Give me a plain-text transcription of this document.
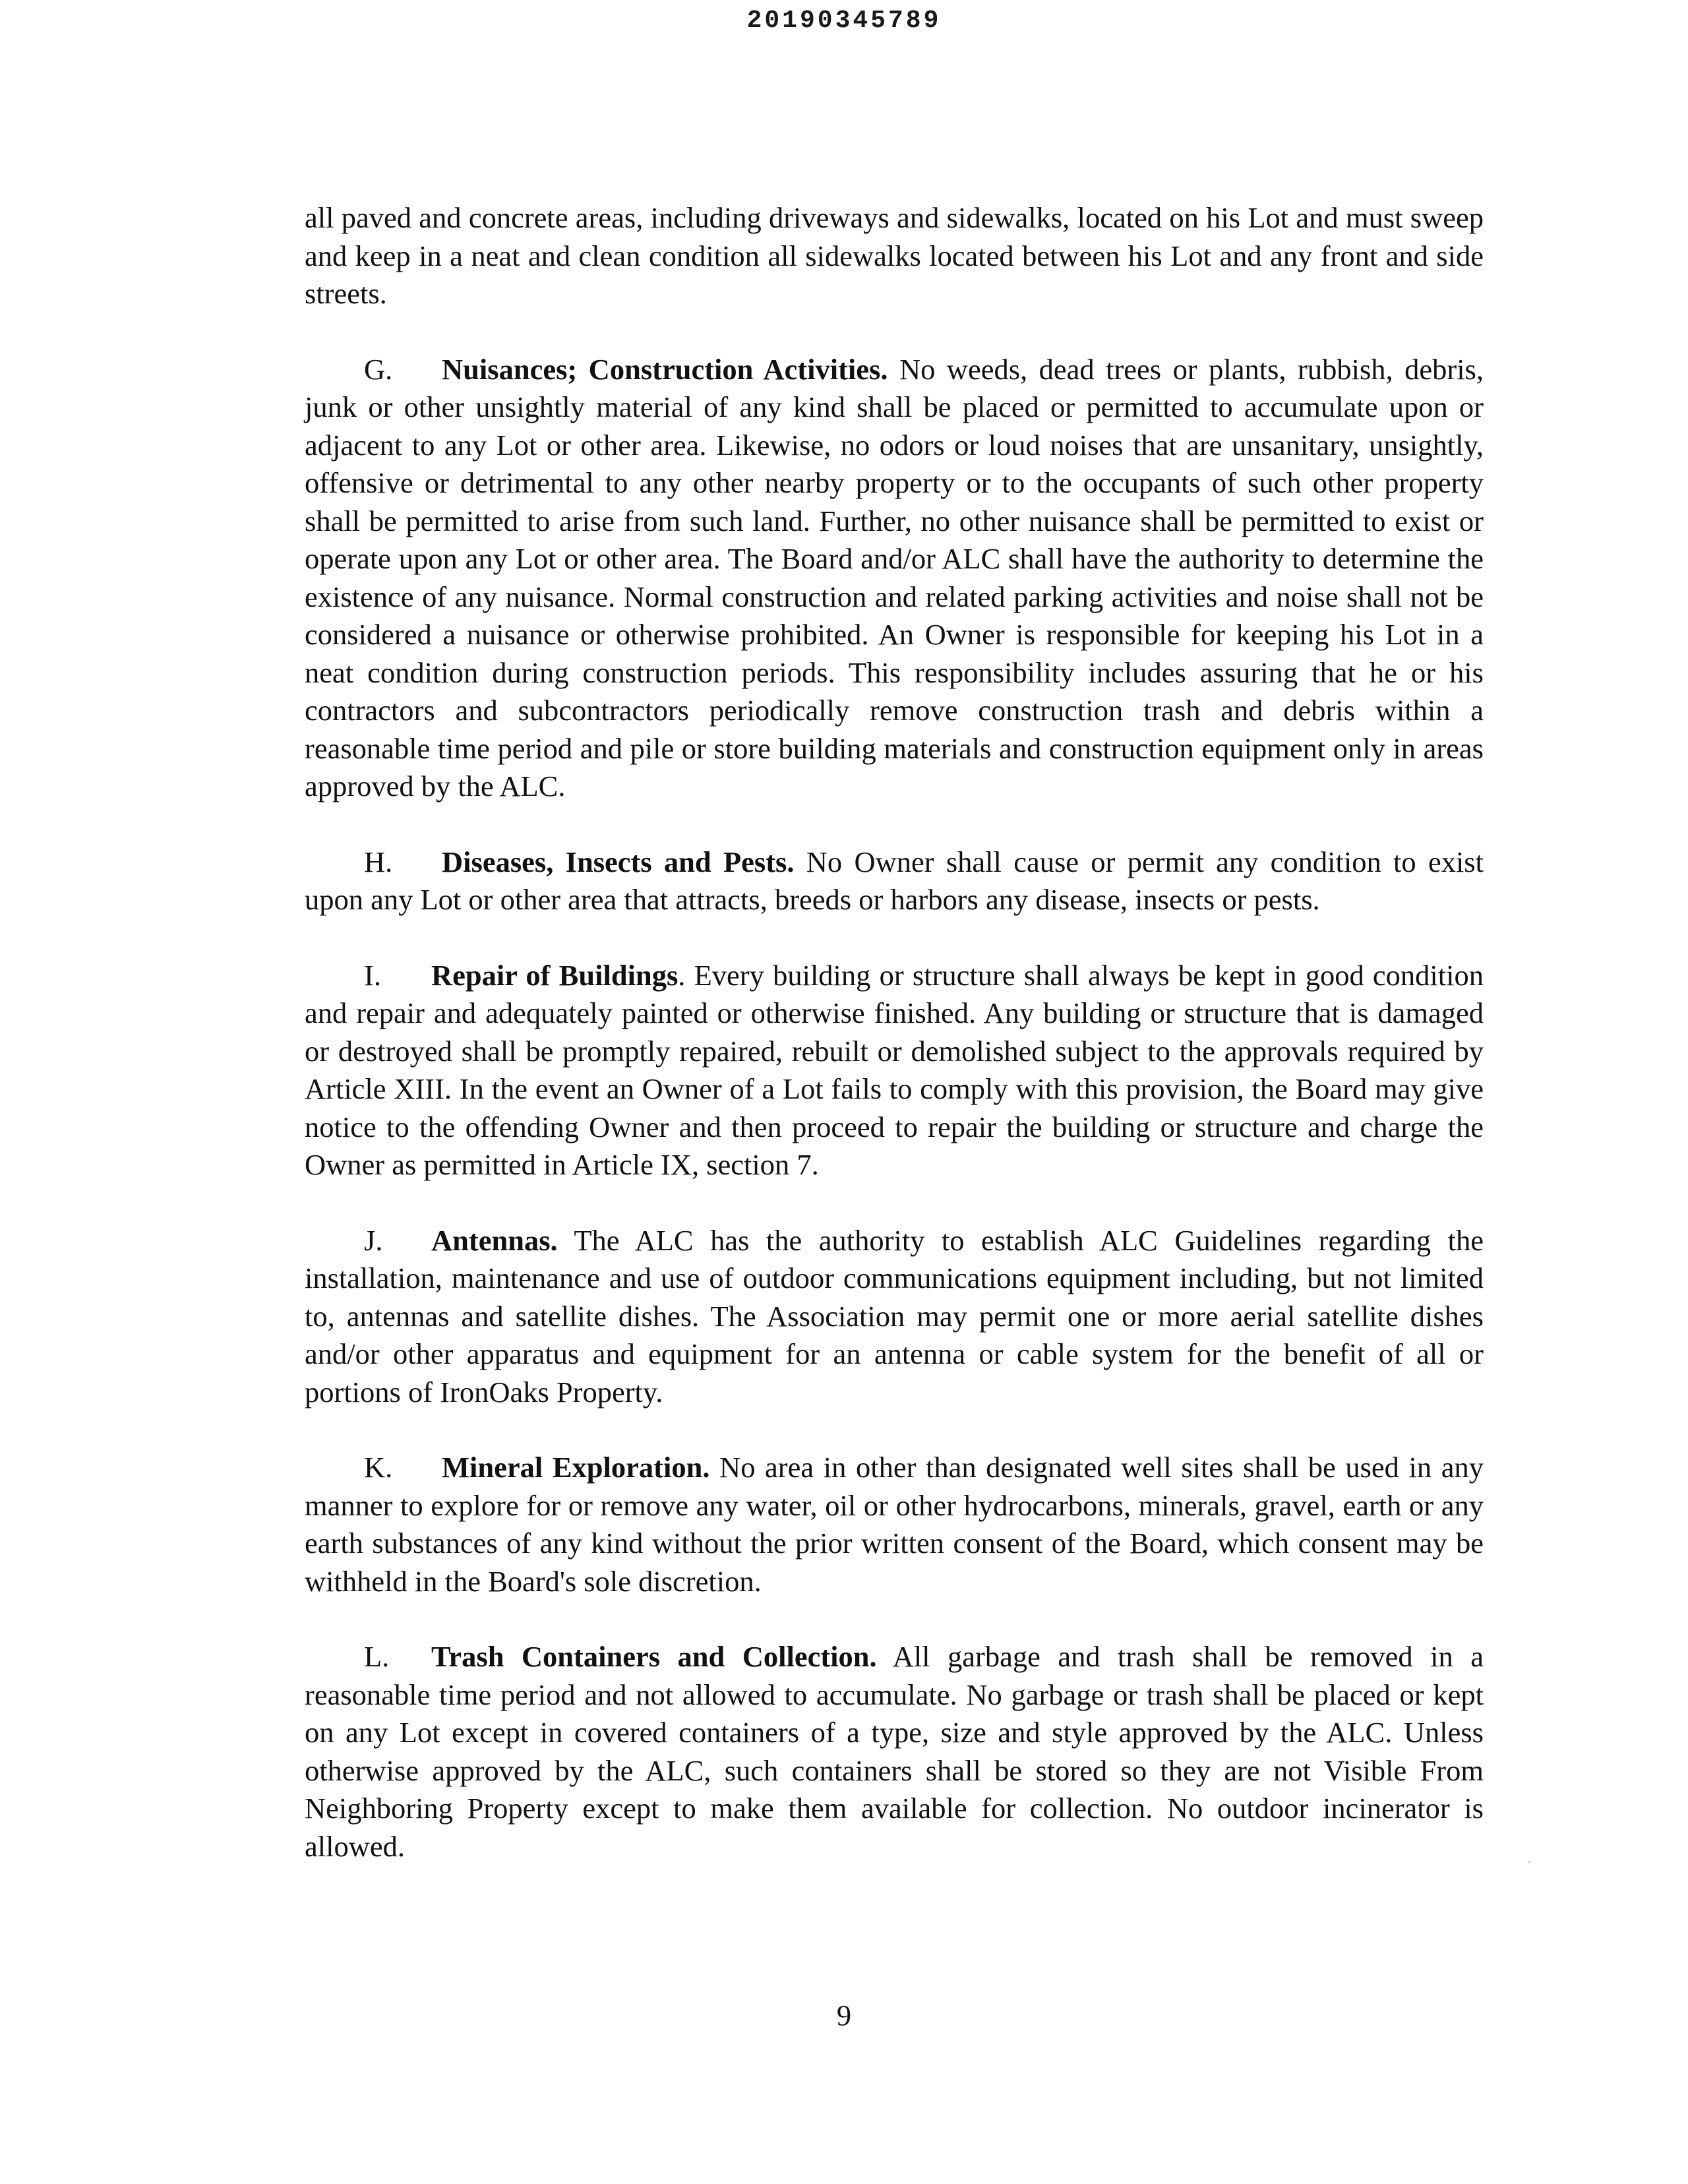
20190345789

all paved and concrete areas, including driveways and sidewalks, located on his Lot and must sweep and keep in a neat and clean condition all sidewalks located between his Lot and any front and side streets.

G. Nuisances; Construction Activities. No weeds, dead trees or plants, rubbish, debris, junk or other unsightly material of any kind shall be placed or permitted to accumulate upon or adjacent to any Lot or other area. Likewise, no odors or loud noises that are unsanitary, unsightly, offensive or detrimental to any other nearby property or to the occupants of such other property shall be permitted to arise from such land. Further, no other nuisance shall be permitted to exist or operate upon any Lot or other area. The Board and/or ALC shall have the authority to determine the existence of any nuisance. Normal construction and related parking activities and noise shall not be considered a nuisance or otherwise prohibited. An Owner is responsible for keeping his Lot in a neat condition during construction periods. This responsibility includes assuring that he or his contractors and subcontractors periodically remove construction trash and debris within a reasonable time period and pile or store building materials and construction equipment only in areas approved by the ALC.

H. Diseases, Insects and Pests. No Owner shall cause or permit any condition to exist upon any Lot or other area that attracts, breeds or harbors any disease, insects or pests.

I. Repair of Buildings. Every building or structure shall always be kept in good condition and repair and adequately painted or otherwise finished. Any building or structure that is damaged or destroyed shall be promptly repaired, rebuilt or demolished subject to the approvals required by Article XIII. In the event an Owner of a Lot fails to comply with this provision, the Board may give notice to the offending Owner and then proceed to repair the building or structure and charge the Owner as permitted in Article IX, section 7.

J. Antennas. The ALC has the authority to establish ALC Guidelines regarding the installation, maintenance and use of outdoor communications equipment including, but not limited to, antennas and satellite dishes. The Association may permit one or more aerial satellite dishes and/or other apparatus and equipment for an antenna or cable system for the benefit of all or portions of IronOaks Property.

K. Mineral Exploration. No area in other than designated well sites shall be used in any manner to explore for or remove any water, oil or other hydrocarbons, minerals, gravel, earth or any earth substances of any kind without the prior written consent of the Board, which consent may be withheld in the Board's sole discretion.

L. Trash Containers and Collection. All garbage and trash shall be removed in a reasonable time period and not allowed to accumulate. No garbage or trash shall be placed or kept on any Lot except in covered containers of a type, size and style approved by the ALC. Unless otherwise approved by the ALC, such containers shall be stored so they are not Visible From Neighboring Property except to make them available for collection. No outdoor incinerator is allowed.

9
